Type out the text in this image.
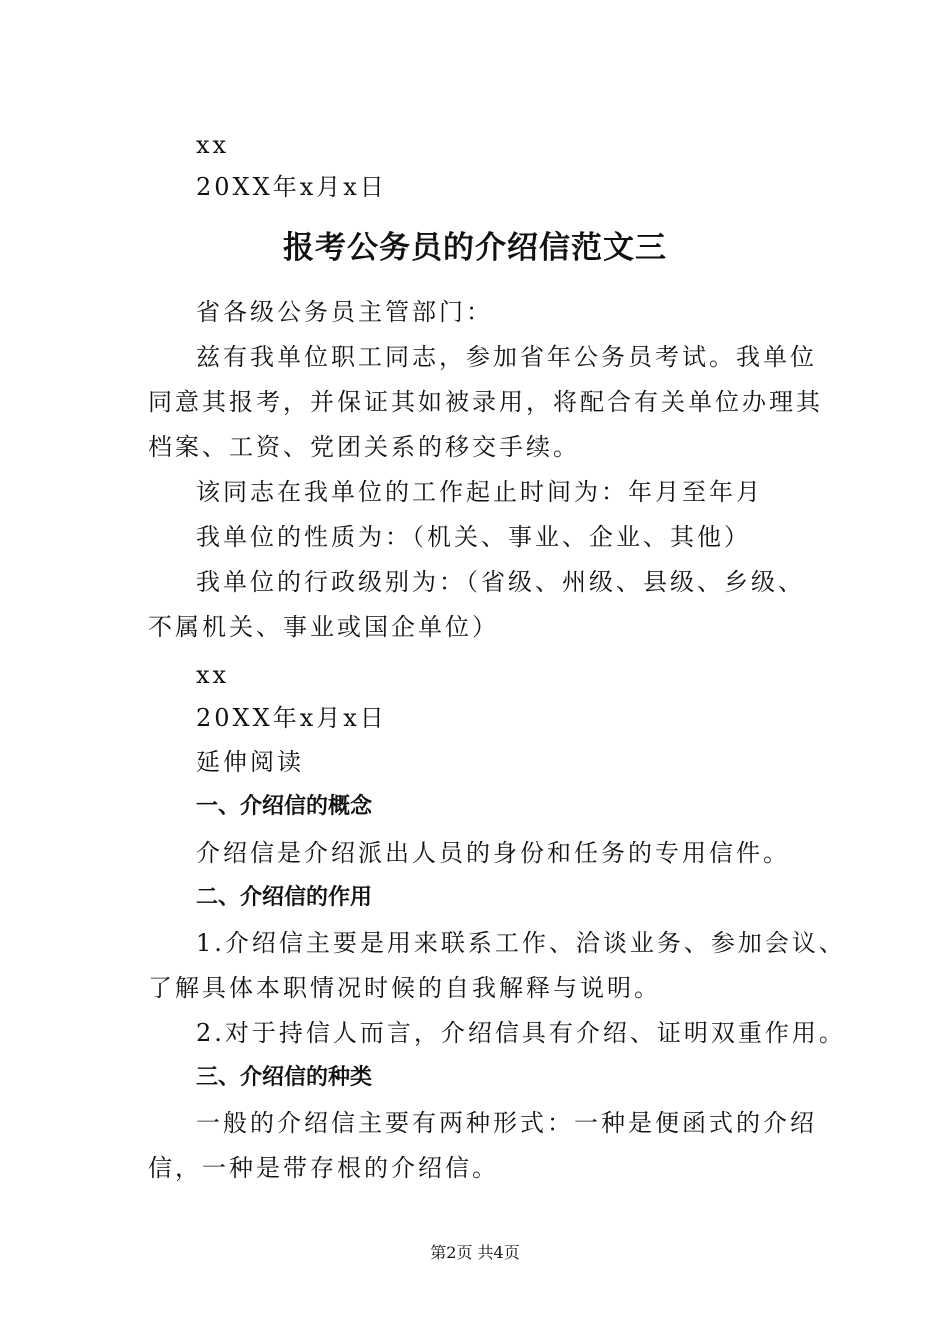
xx
20XX年x月x日
报考公务员的介绍信范文三
省各级公务员主管部门：
兹有我单位职工同志，参加省年公务员考试。我单位
同意其报考，并保证其如被录用，将配合有关单位办理其
档案、工资、党团关系的移交手续。
该同志在我单位的工作起止时间为：年月至年月
我单位的性质为：（机关、事业、企业、其他）
我单位的行政级别为：（省级、州级、县级、乡级、
不属机关、事业或国企单位）
xx
20XX年x月x日
延伸阅读
一、介绍信的概念
介绍信是介绍派出人员的身份和任务的专用信件。
二、介绍信的作用
1.介绍信主要是用来联系工作、洽谈业务、参加会议、
了解具体本职情况时候的自我解释与说明。
2.对于持信人而言，介绍信具有介绍、证明双重作用。
三、介绍信的种类
一般的介绍信主要有两种形式：一种是便函式的介绍
信，一种是带存根的介绍信。
第2页 共4页
